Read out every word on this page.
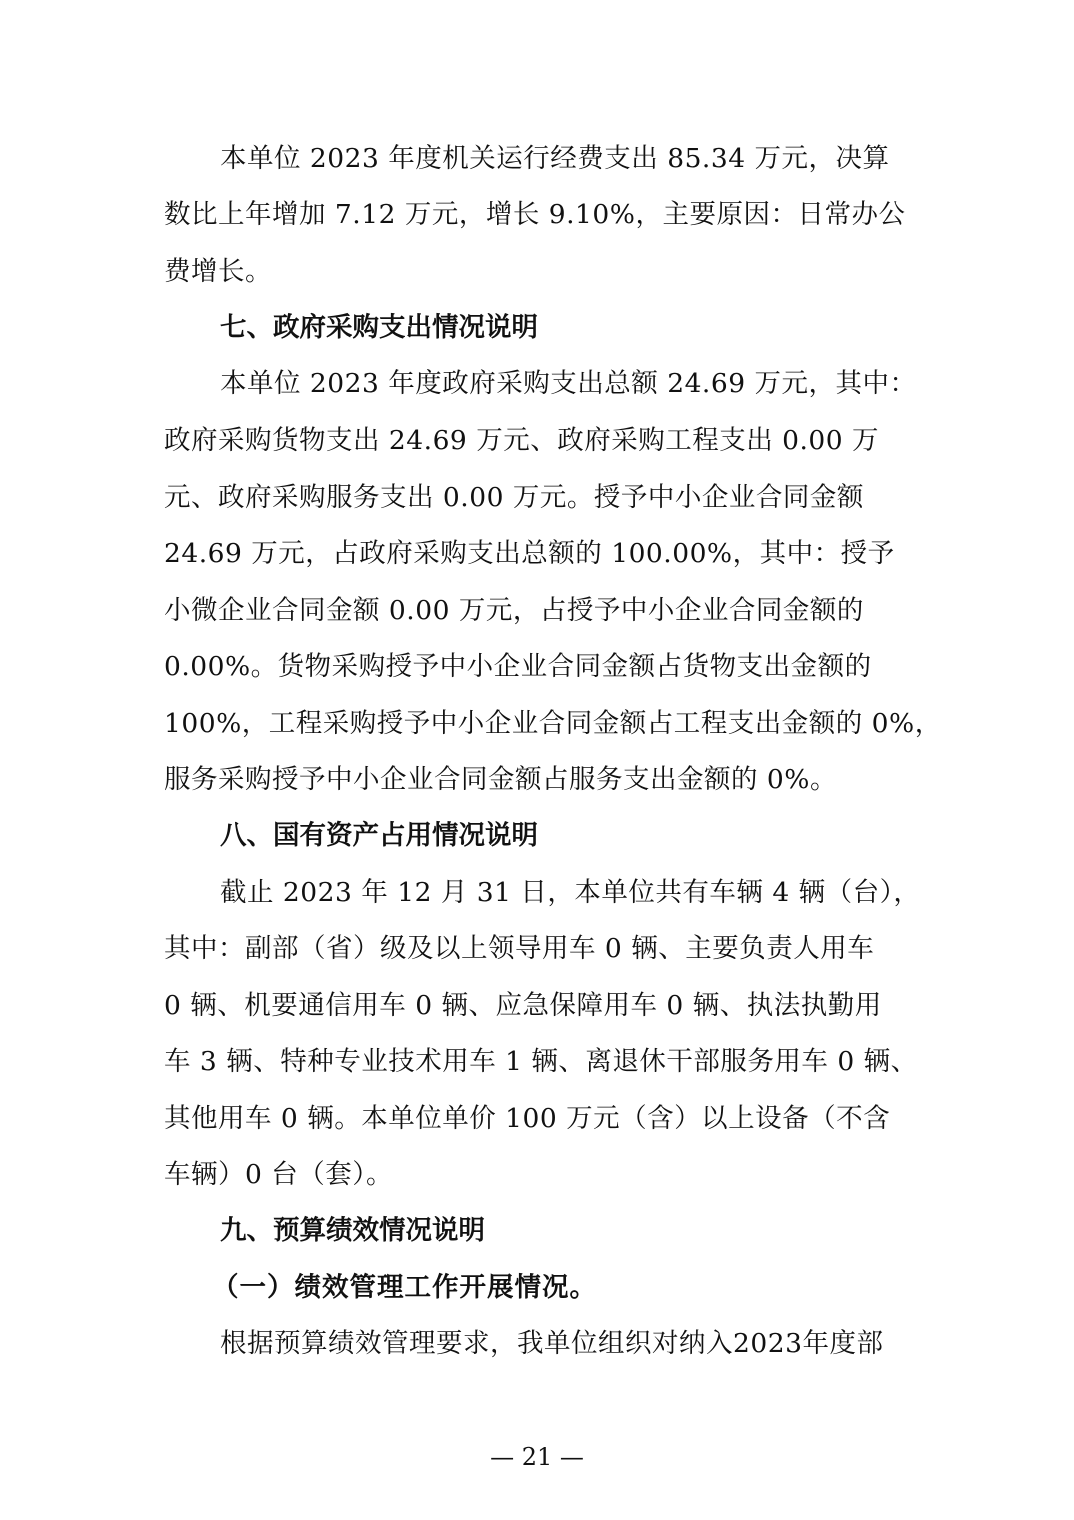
本单位 2023 年度机关运行经费支出 85.34 万元，决算
数比上年增加 7.12 万元，增长 9.10%，主要原因：日常办公
费增长。
七、政府采购支出情况说明
本单位 2023 年度政府采购支出总额 24.69 万元，其中：
政府采购货物支出 24.69 万元、政府采购工程支出 0.00 万
元、政府采购服务支出 0.00 万元。授予中小企业合同金额
24.69 万元，占政府采购支出总额的 100.00%，其中：授予
小微企业合同金额 0.00 万元，占授予中小企业合同金额的
0.00%。货物采购授予中小企业合同金额占货物支出金额的
100%，工程采购授予中小企业合同金额占工程支出金额的 0%，
服务采购授予中小企业合同金额占服务支出金额的 0%。
八、国有资产占用情况说明
截止 2023 年 12 月 31 日，本单位共有车辆 4 辆（台），
其中：副部（省）级及以上领导用车 0 辆、主要负责人用车
0 辆、机要通信用车 0 辆、应急保障用车 0 辆、执法执勤用
车 3 辆、特种专业技术用车 1 辆、离退休干部服务用车 0 辆、
其他用车 0 辆。本单位单价 100 万元（含）以上设备（不含
车辆）0 台（套）。
九、预算绩效情况说明
（一）绩效管理工作开展情况。
根据预算绩效管理要求，我单位组织对纳入2023年度部
— 21 —
